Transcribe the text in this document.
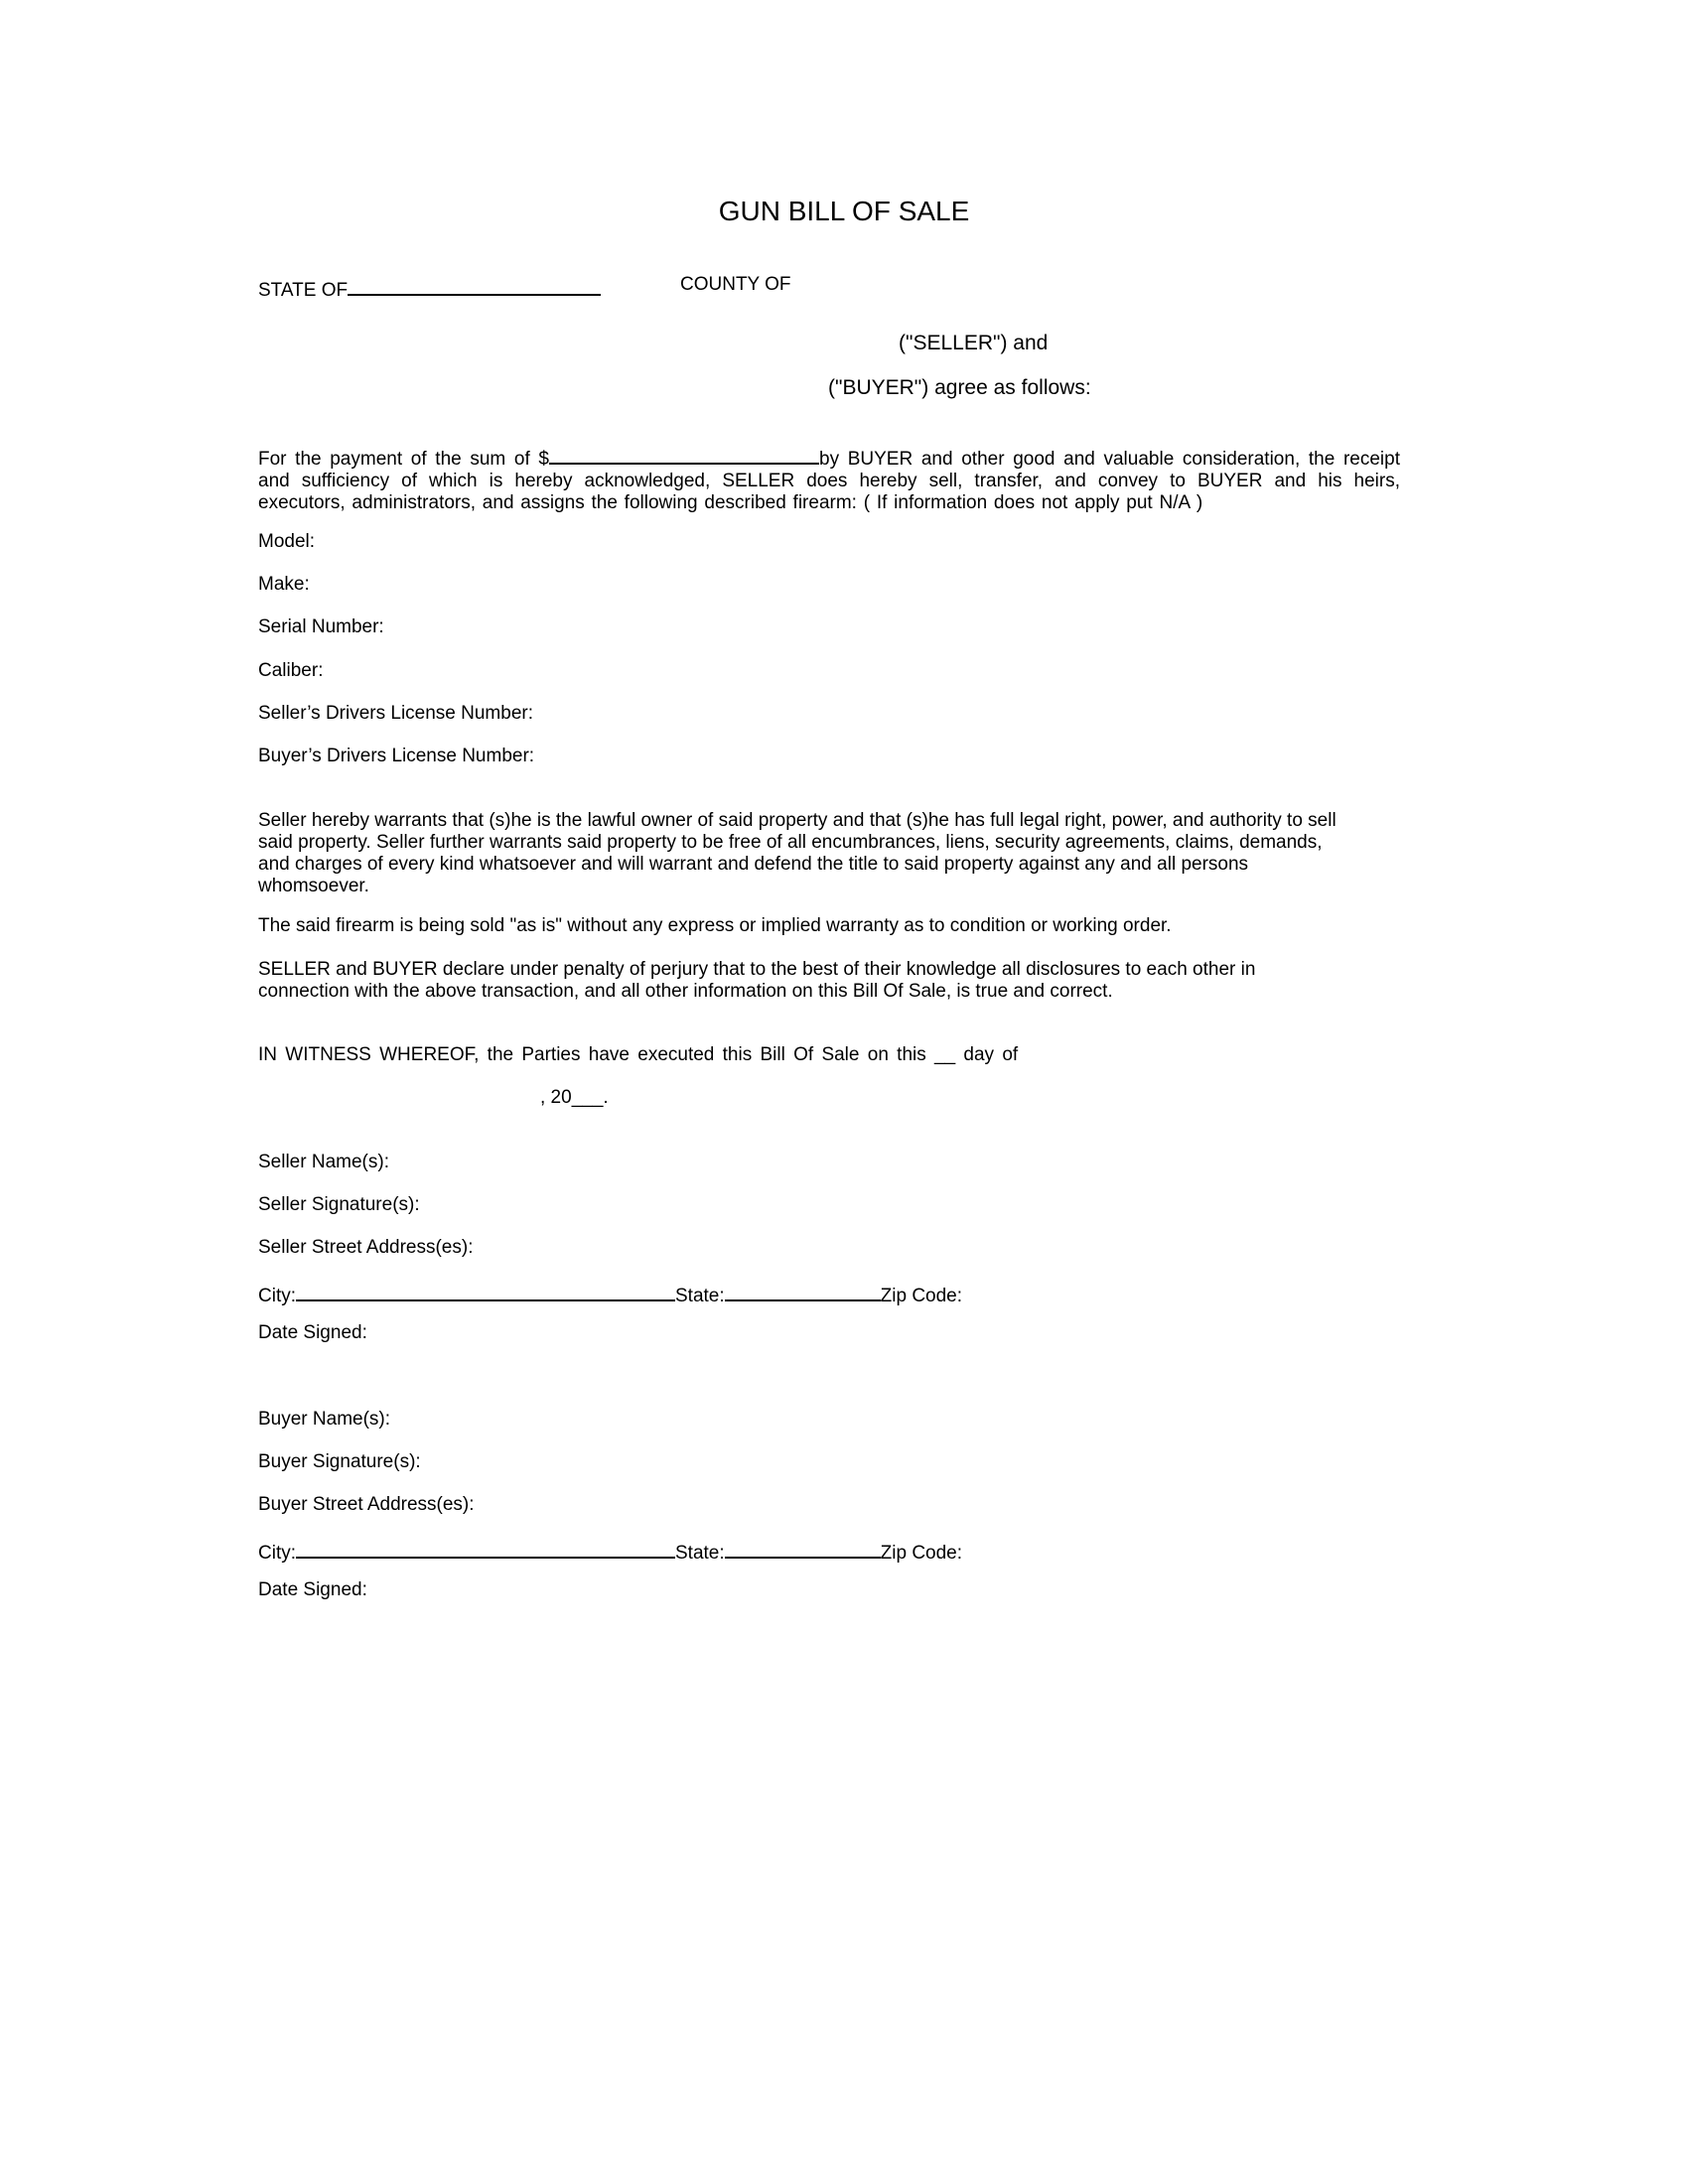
GUN BILL OF SALE
STATE OF	COUNTY OF
("SELLER") and
("BUYER") agree as follows:

For the payment of the sum of $	by BUYER and other good and valuable consideration, the receipt

and sufficiency of which is hereby acknowledged, SELLER does hereby sell, transfer, and convey to BUYER and his heirs,

executors, administrators, and assigns the following described firearm: ( If information does not apply put N/A )

Model:
Make:
Serial Number:
Caliber:
Seller’s Drivers License Number:
Buyer’s Drivers License Number:

Seller hereby warrants that (s)he is the lawful owner of said property and that (s)he has full legal right, power, and authority to sell

said property. Seller further warrants said property to be free of all encumbrances, liens, security agreements, claims, demands,

and charges of every kind whatsoever and will warrant and defend the title to said property against any and all persons

whomsoever.

The said firearm is being sold "as is" without any express or implied warranty as to condition or working order.

SELLER and BUYER declare under penalty of perjury that to the best of their knowledge all disclosures to each other in

connection with the above transaction, and all other information on this Bill Of Sale, is true and correct.

IN WITNESS WHEREOF, the Parties have executed this Bill Of Sale on this __ day of
, 20___.
Seller Name(s):
Seller Signature(s):
Seller Street Address(es):
City:	State:	Zip Code:
Date Signed:
Buyer Name(s):
Buyer Signature(s):
Buyer Street Address(es):
City:	State:	Zip Code:
Date Signed:
